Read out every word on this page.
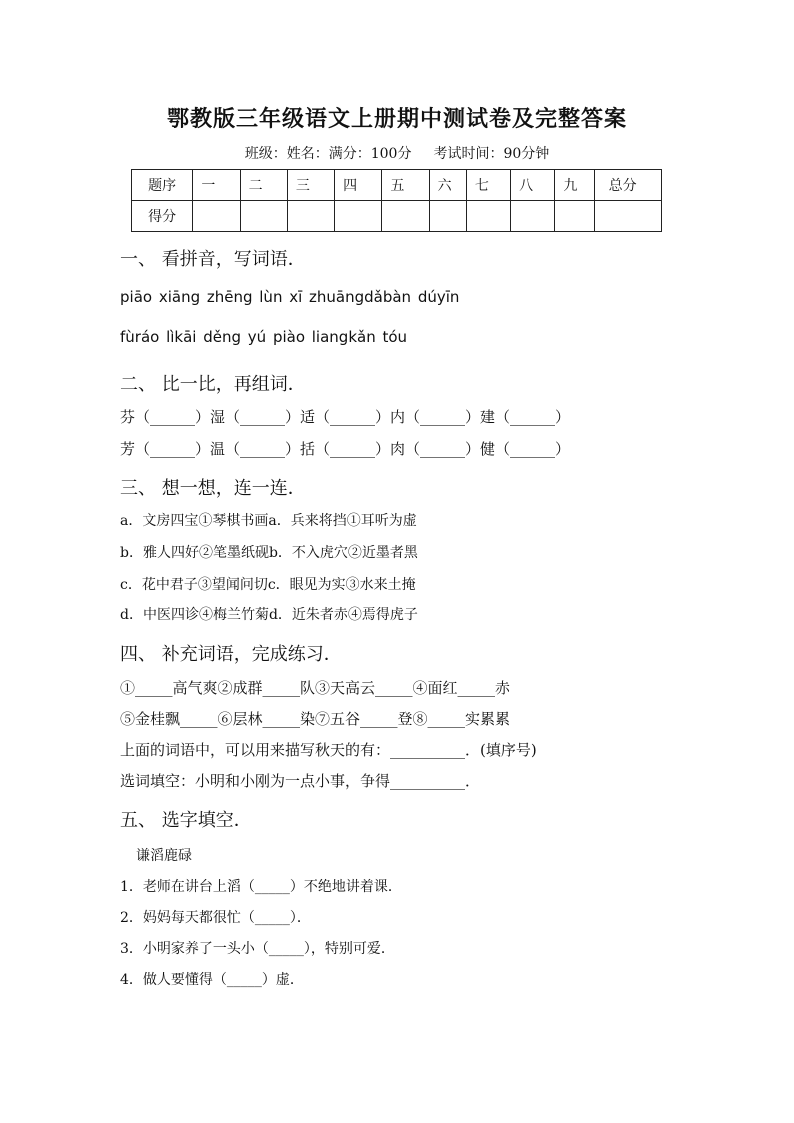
鄂教版三年级语文上册期中测试卷及完整答案
班级：姓名：满分：100分 考试时间：90分钟
题序	一	二	三	四	五	六	七	八	九	总分
得分										
一、 看拼音，写词语．
piāo xiāng zhēng lùn xī zhuāngdǎbàn dúyīn
fùráo lìkāi děng yú piào liangkǎn tóu
二、 比一比，再组词．
芬（______）湿（______）适（______）内（______）建（______）
芳（______）温（______）括（______）肉（______）健（______）
三、 想一想，连一连．
a．文房四宝①琴棋书画a．兵来将挡①耳听为虚
b．雅人四好②笔墨纸砚b．不入虎穴②近墨者黑
c．花中君子③望闻问切c．眼见为实③水来土掩
d．中医四诊④梅兰竹菊d．近朱者赤④焉得虎子
四、 补充词语，完成练习．
①_____高气爽②成群_____队③天高云_____④面红_____赤
⑤金桂飘_____⑥层林_____染⑦五谷_____登⑧_____实累累
上面的词语中，可以用来描写秋天的有：__________．(填序号)
选词填空：小明和小刚为一点小事，争得__________．
五、 选字填空．
谦滔鹿碌
1．老师在讲台上滔（_____）不绝地讲着课．
2．妈妈每天都很忙（_____）．
3．小明家养了一头小（_____），特别可爱．
4．做人要懂得（_____）虚．
